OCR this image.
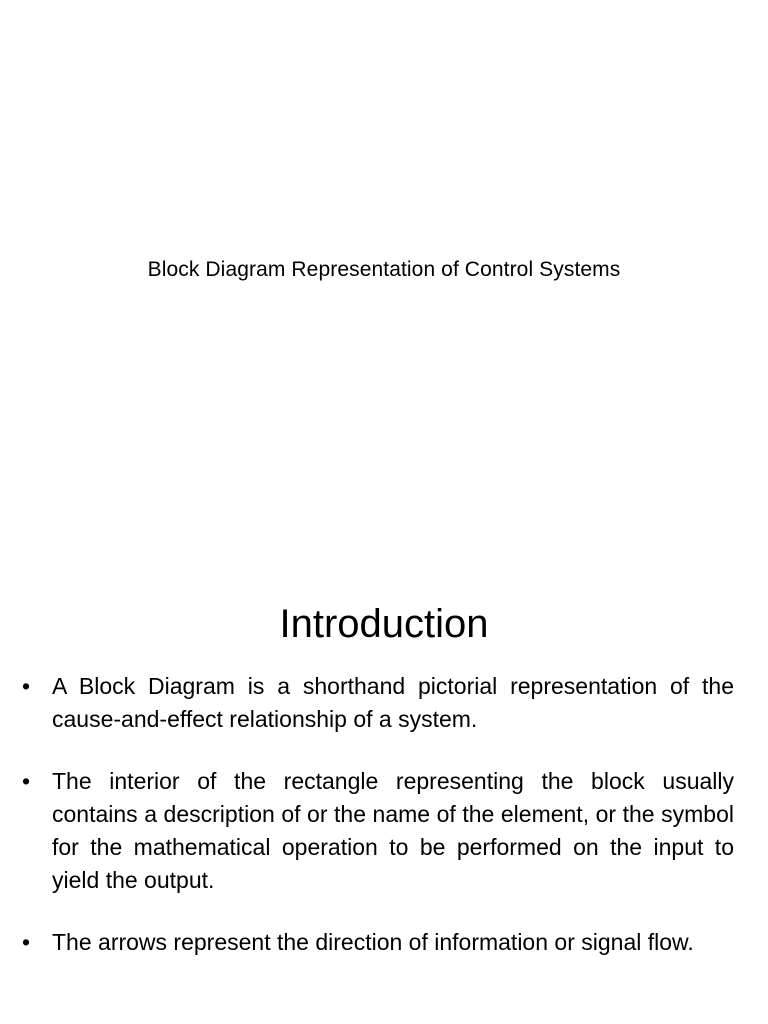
Block Diagram Representation of Control Systems
Introduction
• A Block Diagram is a shorthand pictorial representation of the cause-and-effect relationship of a system.
• The interior of the rectangle representing the block usually contains a description of or the name of the element, or the symbol for the mathematical operation to be performed on the input to yield the output.
• The arrows represent the direction of information or signal flow.
